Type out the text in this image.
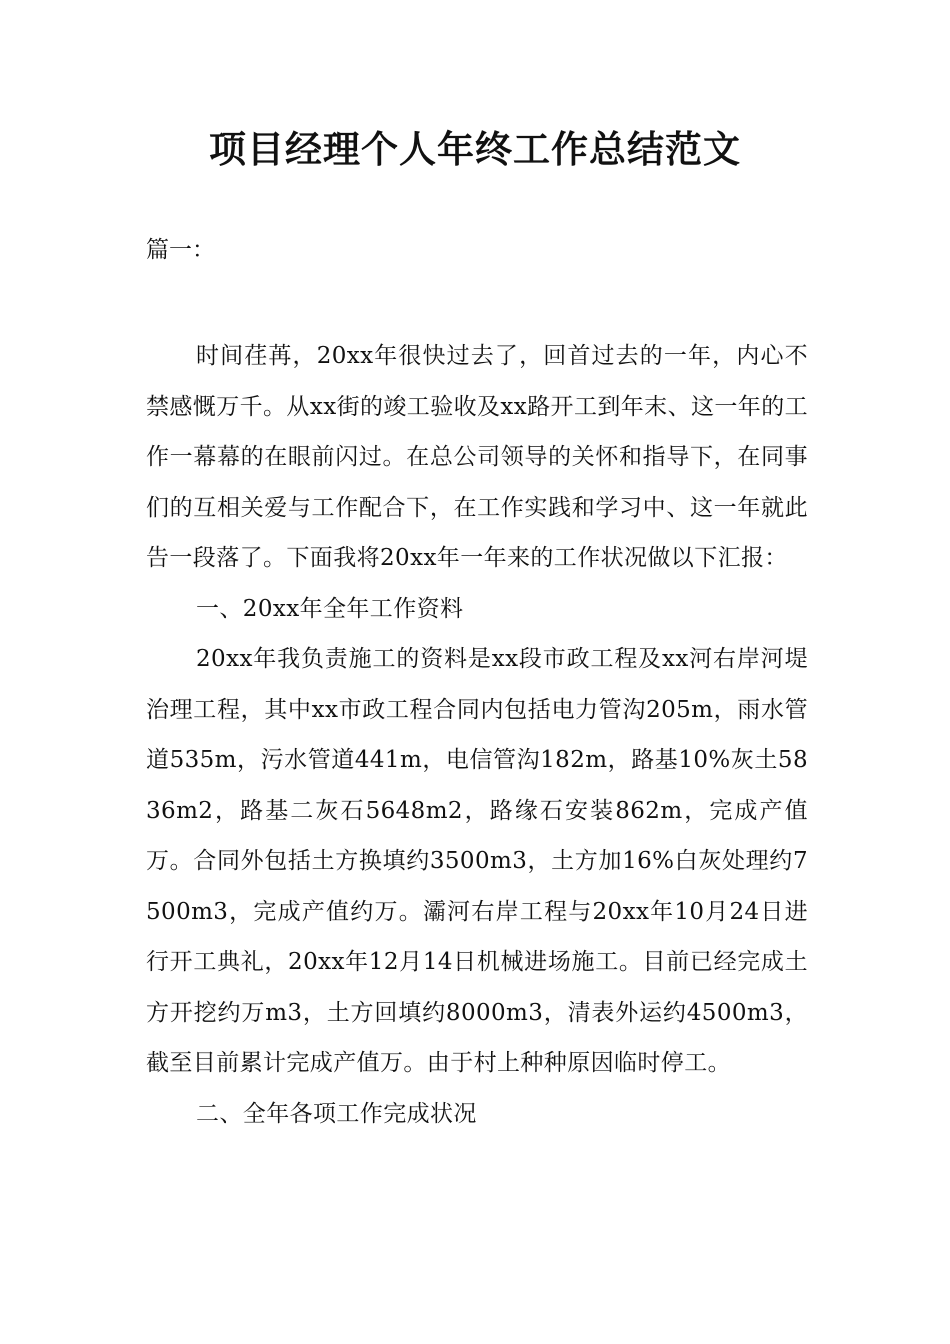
项目经理个人年终工作总结范文

篇一：

时间荏苒，20xx年很快过去了，回首过去的一年，内心不禁感慨万千。从xx街的竣工验收及xx路开工到年末、这一年的工作一幕幕的在眼前闪过。在总公司领导的关怀和指导下，在同事们的互相关爱与工作配合下，在工作实践和学习中、这一年就此告一段落了。下面我将20xx年一年来的工作状况做以下汇报：

一、20xx年全年工作资料

20xx年我负责施工的资料是xx段市政工程及xx河右岸河堤治理工程，其中xx市政工程合同内包括电力管沟205m，雨水管道535m，污水管道441m，电信管沟182m，路基10%灰土5836m2，路基二灰石5648m2，路缘石安装862m，完成产值万。合同外包括土方换填约3500m3，土方加16%白灰处理约7500m3，完成产值约万。灞河右岸工程与20xx年10月24日进行开工典礼，20xx年12月14日机械进场施工。目前已经完成土方开挖约万m3，土方回填约8000m3，清表外运约4500m3，截至目前累计完成产值万。由于村上种种原因临时停工。

二、全年各项工作完成状况
